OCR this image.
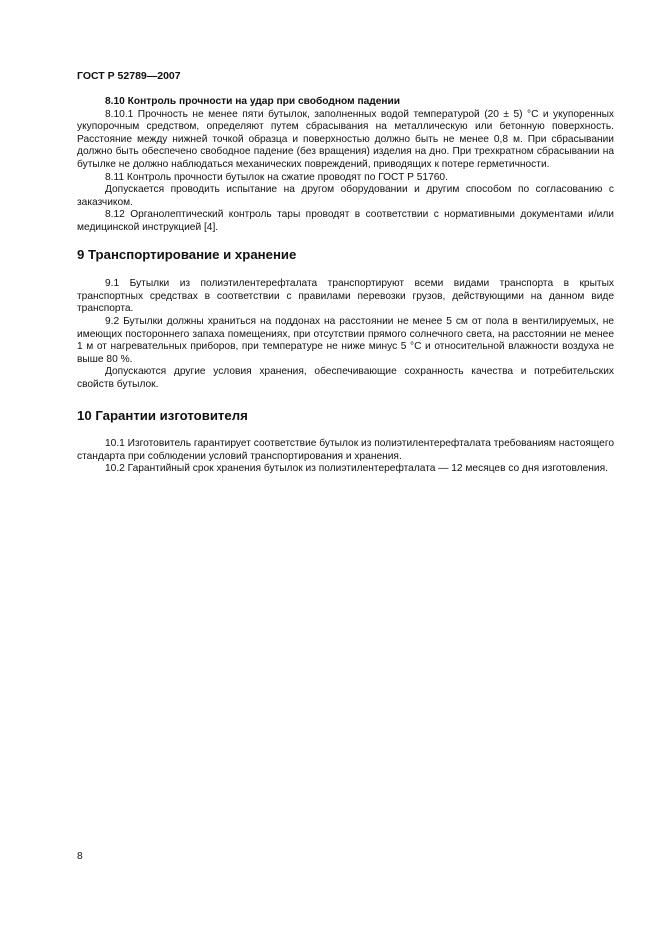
ГОСТ Р 52789—2007

8.10 Контроль прочности на удар при свободном падении

8.10.1 Прочность не менее пяти бутылок, заполненных водой температурой (20 ± 5) °С и укупоренных укупорочным средством, определяют путем сбрасывания на металлическую или бетонную поверхность. Расстояние между нижней точкой образца и поверхностью должно быть не менее 0,8 м. При сбрасывании должно быть обеспечено свободное падение (без вращения) изделия на дно. При трехкратном сбрасывании на бутылке не должно наблюдаться механических повреждений, приводящих к потере герметичности.

8.11 Контроль прочности бутылок на сжатие проводят по ГОСТ Р 51760.

Допускается проводить испытание на другом оборудовании и другим способом по согласованию с заказчиком.

8.12 Органолептический контроль тары проводят в соответствии с нормативными документами и/или медицинской инструкцией [4].

9 Транспортирование и хранение

9.1 Бутылки из полиэтилентерефталата транспортируют всеми видами транспорта в крытых транспортных средствах в соответствии с правилами перевозки грузов, действующими на данном виде транспорта.

9.2 Бутылки должны храниться на поддонах на расстоянии не менее 5 см от пола в вентилируемых, не имеющих постороннего запаха помещениях, при отсутствии прямого солнечного света, на расстоянии не менее 1 м от нагревательных приборов, при температуре не ниже минус 5 °С и относительной влажности воздуха не выше 80 %.

Допускаются другие условия хранения, обеспечивающие сохранность качества и потребительских свойств бутылок.

10 Гарантии изготовителя

10.1 Изготовитель гарантирует соответствие бутылок из полиэтилентерефталата требованиям настоящего стандарта при соблюдении условий транспортирования и хранения.

10.2 Гарантийный срок хранения бутылок из полиэтилентерефталата — 12 месяцев со дня изготовления.

8
